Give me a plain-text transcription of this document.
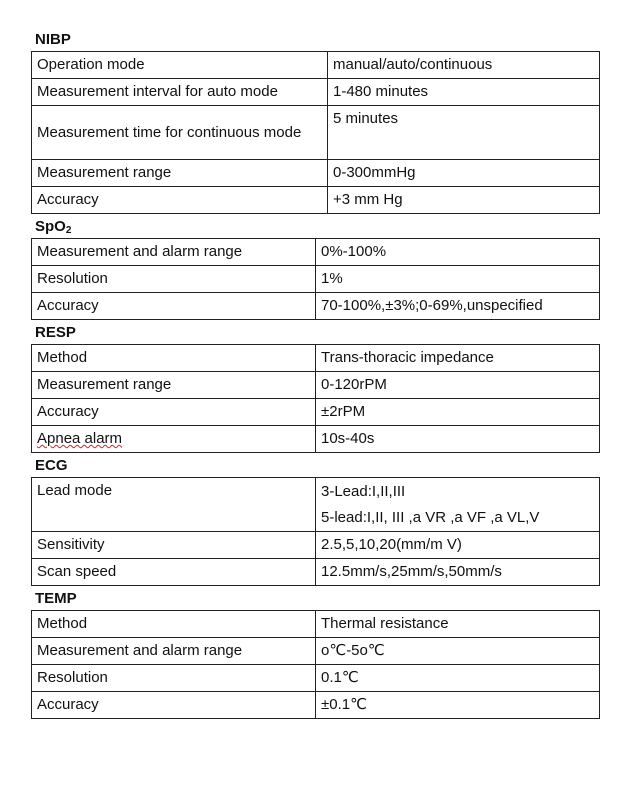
NIBP
Operation mode	manual/auto/continuous
Measurement interval for auto mode	1-480 minutes
Measurement time for continuous mode	5 minutes
Measurement range	0-300mmHg
Accuracy	+3 mm Hg
SpO$_2$
Measurement and alarm range	0%-100%
Resolution	1%
Accuracy	70-100%,±3%;0-69%,unspecified
RESP
Method	Trans-thoracic impedance
Measurement range	0-120rPM
Accuracy	±2rPM
Apnea alarm	10s-40s
ECG
Lead mode	3-Lead:I,II,III
5-lead:I,II, III ,a VR ,a VF ,a VL,V

Sensitivity	2.5,5,10,20(mm/m V)
Scan speed	12.5mm/s,25mm/s,50mm/s
TEMP
Method	Thermal resistance
Measurement and alarm range	o℃-5o℃
Resolution	0.1℃
Accuracy	±0.1℃
